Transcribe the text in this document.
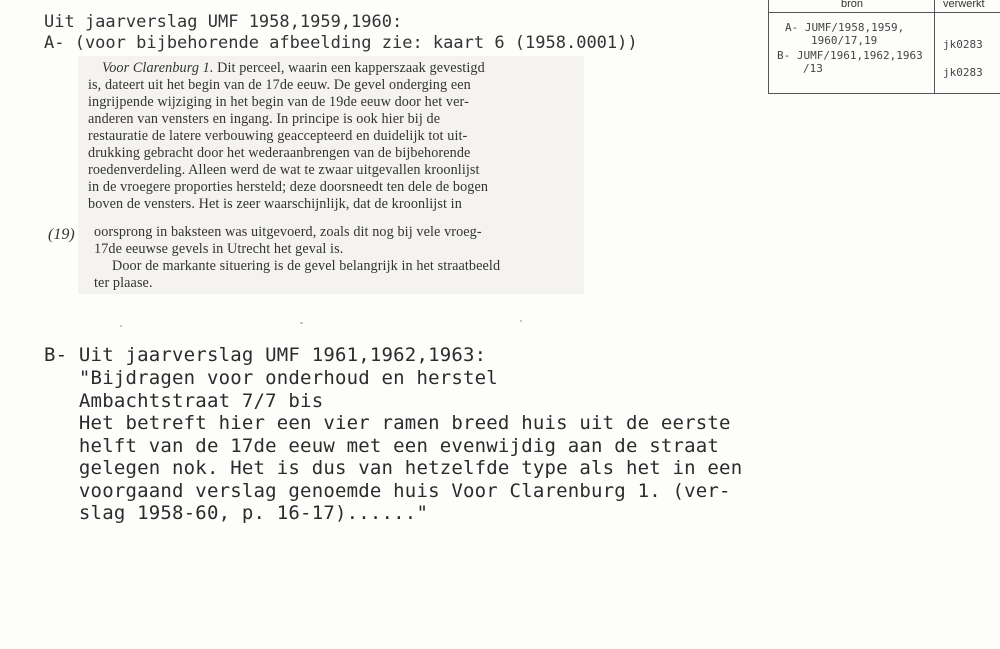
bron	verwerkt
A- JUMF/1958,1959,
1960/17,19	jk0283
B- JUMF/1961,1962,1963
/13	jk0283
Uit jaarverslag UMF 1958,1959,1960:
A- (voor bijbehorende afbeelding zie: kaart 6 (1958.0001))
Voor Clarenburg 1. Dit perceel, waarin een kapperszaak gevestigd
is, dateert uit het begin van de 17de eeuw. De gevel onderging een
ingrijpende wijziging in het begin van de 19de eeuw door het ver-
anderen van vensters en ingang. In principe is ook hier bij de
restauratie de latere verbouwing geaccepteerd en duidelijk tot uit-
drukking gebracht door het wederaanbrengen van de bijbehorende
roedenverdeling. Alleen werd de wat te zwaar uitgevallen kroonlijst
in de vroegere proporties hersteld; deze doorsneedt ten dele de bogen
boven de vensters. Het is zeer waarschijnlijk, dat de kroonlijst in
oorsprong in baksteen was uitgevoerd, zoals dit nog bij vele vroeg-
17de eeuwse gevels in Utrecht het geval is.
Door de markante situering is de gevel belangrijk in het straatbeeld
ter plaase.
(19)
B- Uit jaarverslag UMF 1961,1962,1963:
"Bijdragen voor onderhoud en herstel
Ambachtstraat 7/7 bis
Het betreft hier een vier ramen breed huis uit de eerste
helft van de 17de eeuw met een evenwijdig aan de straat
gelegen nok. Het is dus van hetzelfde type als het in een
voorgaand verslag genoemde huis Voor Clarenburg 1. (ver-
slag 1958-60, p. 16-17)......"
